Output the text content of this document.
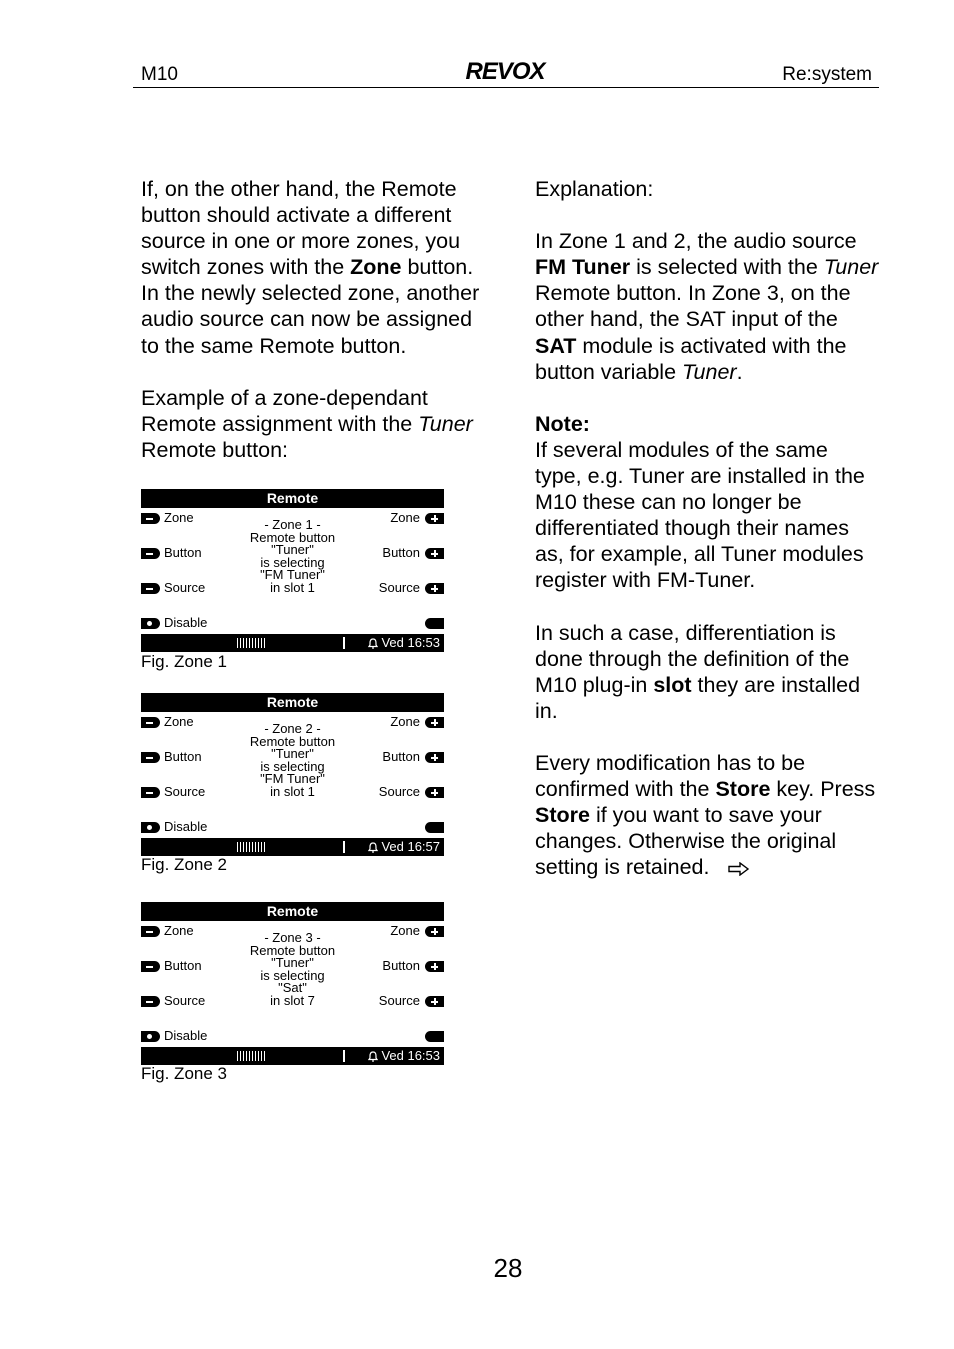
M10	REVOX	Re:system

If, on the other hand, the Remote button should activate a different source in one or more zones, you switch zones with the Zone button. In the newly selected zone, another audio source can now be assigned to the same Remote button.

Example of a zone-dependant Remote assignment with the Tuner Remote button:

Remote
Zone
Button
Source
Disable
Zone
Button
Source
- Zone 1 -
Remote button
"Tuner"
is selecting
"FM Tuner"
in slot 1
Ved 16:53
Fig. Zone 1
Remote
Zone
Button
Source
Disable
Zone
Button
Source
- Zone 2 -
Remote button
"Tuner"
is selecting
"FM Tuner"
in slot 1
Ved 16:57
Fig. Zone 2
Remote
Zone
Button
Source
Disable
Zone
Button
Source
- Zone 3 -
Remote button
"Tuner"
is selecting
"Sat"
in slot 7
Ved 16:53
Fig. Zone 3

Explanation:

In Zone 1 and 2, the audio source FM Tuner is selected with the Tuner Remote button. In Zone 3, on the other hand, the SAT input of the SAT module is activated with the button variable Tuner.

Note:
If several modules of the same type, e.g. Tuner are installed in the M10 these can no longer be differentiated though their names as, for example, all Tuner modules register with FM-Tuner.

In such a case, differentiation is done through the definition of the M10 plug-in slot they are installed in.

Every modification has to be confirmed with the Store key. Press Store if you want to save your changes. Otherwise the original setting is retained.

28
